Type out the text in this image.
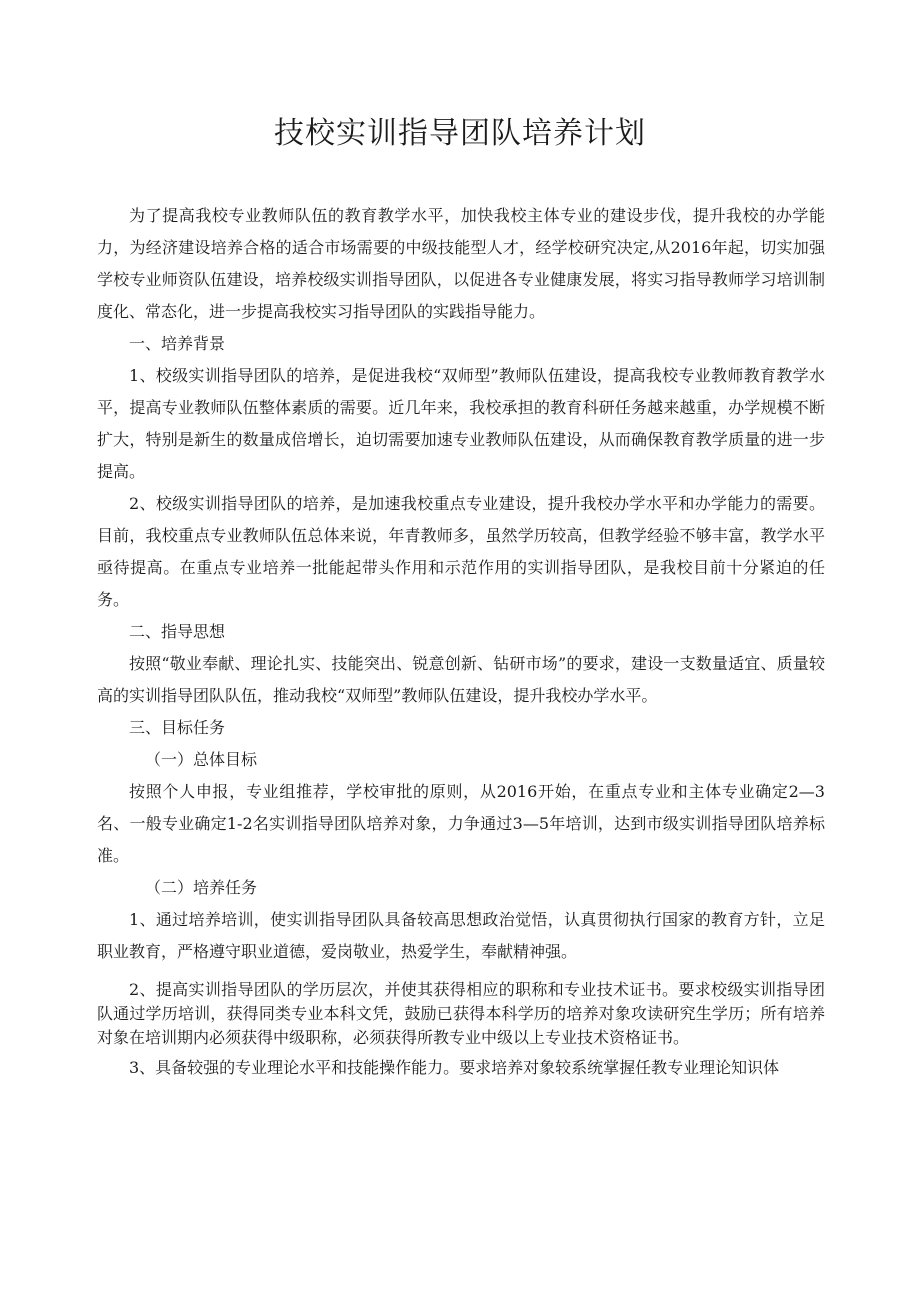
技校实训指导团队培养计划

为了提高我校专业教师队伍的教育教学水平，加快我校主体专业的建设步伐，提升我校的办学能力，为经济建设培养合格的适合市场需要的中级技能型人才，经学校研究决定,从2016年起，切实加强学校专业师资队伍建设，培养校级实训指导团队，以促进各专业健康发展，将实习指导教师学习培训制度化、常态化，进一步提高我校实习指导团队的实践指导能力。

一、培养背景

1、校级实训指导团队的培养，是促进我校“双师型”教师队伍建设，提高我校专业教师教育教学水平，提高专业教师队伍整体素质的需要。近几年来，我校承担的教育科研任务越来越重，办学规模不断扩大，特别是新生的数量成倍增长，迫切需要加速专业教师队伍建设，从而确保教育教学质量的进一步提高。

2、校级实训指导团队的培养，是加速我校重点专业建设，提升我校办学水平和办学能力的需要。目前，我校重点专业教师队伍总体来说，年青教师多，虽然学历较高，但教学经验不够丰富，教学水平亟待提高。在重点专业培养一批能起带头作用和示范作用的实训指导团队，是我校目前十分紧迫的任务。

二、指导思想

按照“敬业奉献、理论扎实、技能突出、锐意创新、钻研市场”的要求，建设一支数量适宜、质量较高的实训指导团队队伍，推动我校“双师型”教师队伍建设，提升我校办学水平。

三、目标任务

（一）总体目标

按照个人申报，专业组推荐，学校审批的原则，从2016开始，在重点专业和主体专业确定2—3名、一般专业确定1-2名实训指导团队培养对象，力争通过3—5年培训，达到市级实训指导团队培养标准。

（二）培养任务

1、通过培养培训，使实训指导团队具备较高思想政治觉悟，认真贯彻执行国家的教育方针，立足职业教育，严格遵守职业道德，爱岗敬业，热爱学生，奉献精神强。

2、提高实训指导团队的学历层次，并使其获得相应的职称和专业技术证书。要求校级实训指导团队通过学历培训，获得同类专业本科文凭，鼓励已获得本科学历的培养对象攻读研究生学历；所有培养对象在培训期内必须获得中级职称，必须获得所教专业中级以上专业技术资格证书。

3、具备较强的专业理论水平和技能操作能力。要求培养对象较系统掌握任教专业理论知识体
